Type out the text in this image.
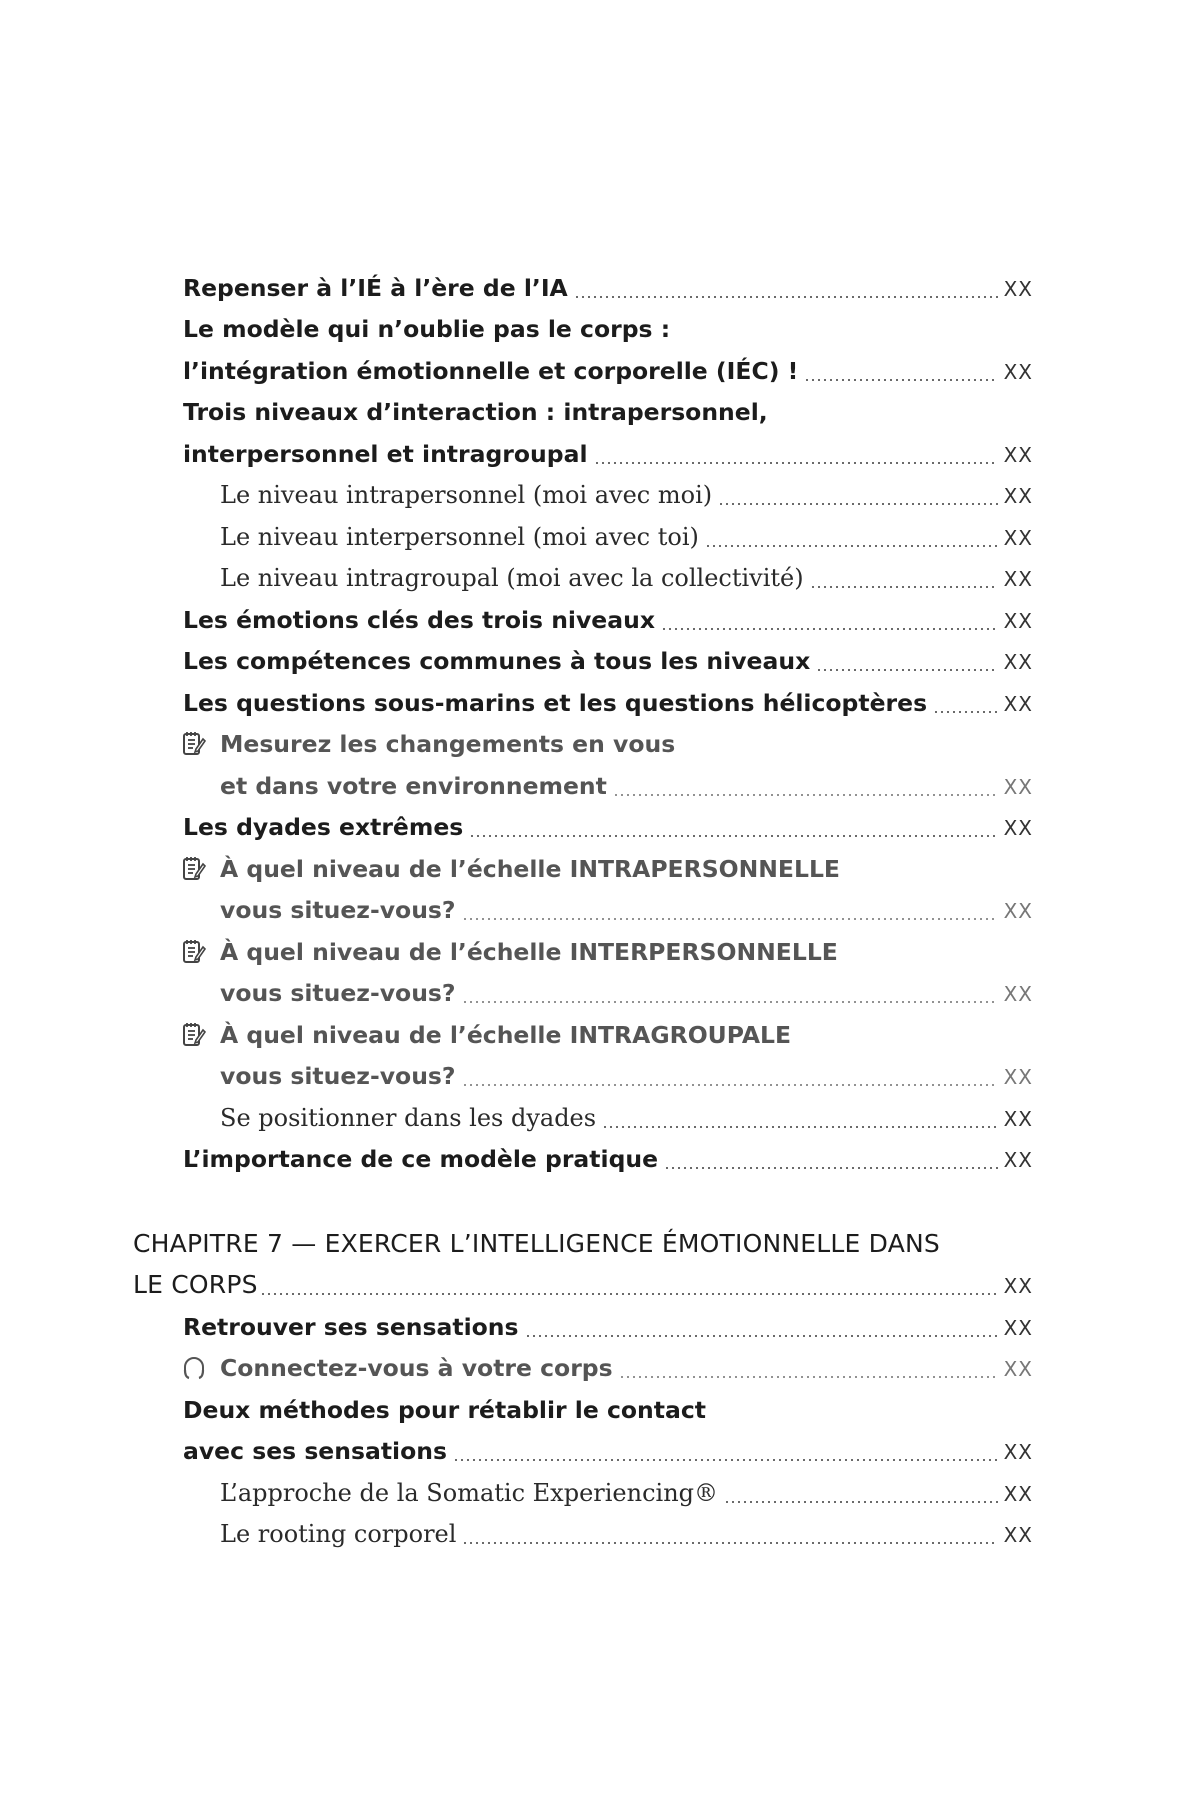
Repenser à l’IÉ à l’ère de l’IA	XX
Le modèle qui n’oublie pas le corps :
l’intégration émotionnelle et corporelle (IÉC) !	XX
Trois niveaux d’interaction : intrapersonnel,
interpersonnel et intragroupal	XX
Le niveau intrapersonnel (moi avec moi)	XX
Le niveau interpersonnel (moi avec toi)	XX
Le niveau intragroupal (moi avec la collectivité)	XX
Les émotions clés des trois niveaux	XX
Les compétences communes à tous les niveaux	XX
Les questions sous-marins et les questions hélicoptères	XX
Mesurez les changements en vous
et dans votre environnement	XX
Les dyades extrêmes	XX
À quel niveau de l’échelle INTRAPERSONNELLE
vous situez-vous?	XX
À quel niveau de l’échelle INTERPERSONNELLE
vous situez-vous?	XX
À quel niveau de l’échelle INTRAGROUPALE
vous situez-vous?	XX
Se positionner dans les dyades	XX
L’importance de ce modèle pratique	XX
CHAPITRE 7 — EXERCER L’INTELLIGENCE ÉMOTIONNELLE DANS
LE CORPS	XX
Retrouver ses sensations	XX
Connectez-vous à votre corps	XX
Deux méthodes pour rétablir le contact
avec ses sensations	XX
L’approche de la Somatic Experiencing®	XX
Le rooting corporel	XX
